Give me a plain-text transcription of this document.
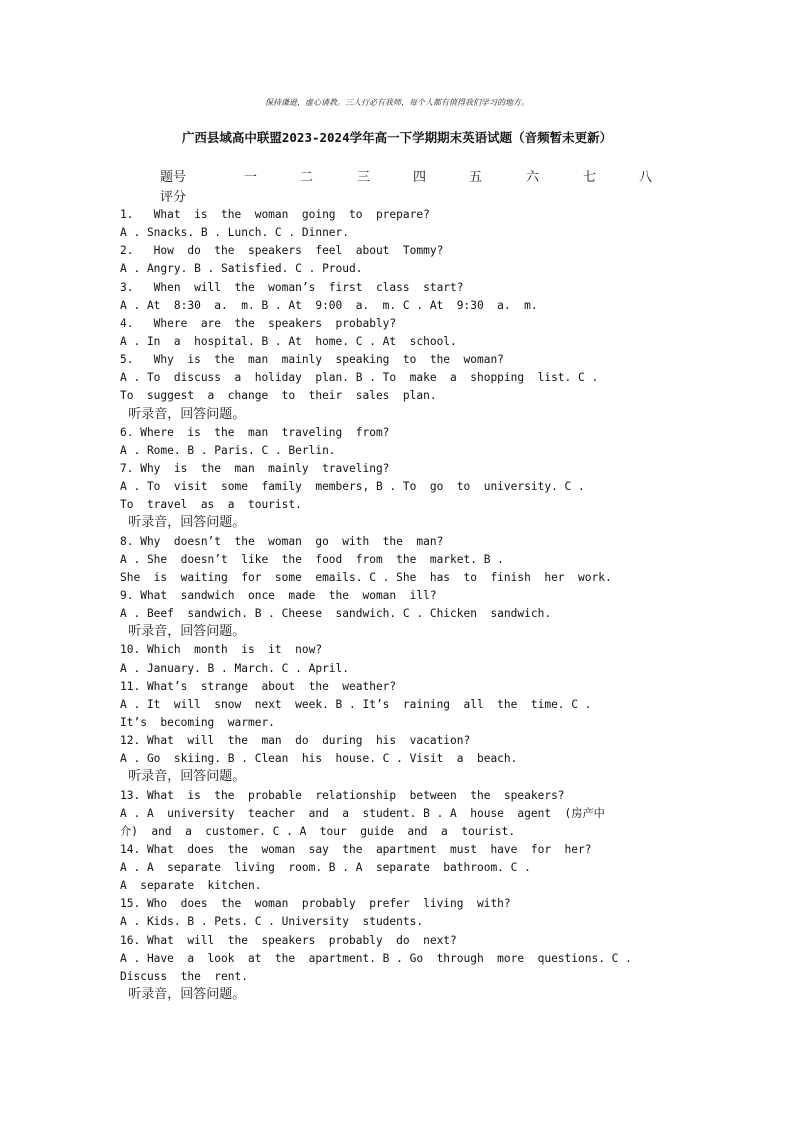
保持谦逊，虚心请教。三人行必有我师，每个人都有值得我们学习的地方。
广西县域高中联盟2023-2024学年高一下学期期末英语试题（音频暂未更新）
题号	一	二	三	四	五	六	七	八
评分
1.   What  is  the  woman  going  to  prepare?
A . Snacks. B . Lunch. C . Dinner.
2.   How  do  the  speakers  feel  about  Tommy?
A . Angry. B . Satisfied. C . Proud.
3.   When  will  the  woman’s  first  class  start?
A . At  8:30  a.  m. B . At  9:00  a.  m. C . At  9:30  a.  m.
4.   Where  are  the  speakers  probably?
A . In  a  hospital. B . At  home. C . At  school.
5.   Why  is  the  man  mainly  speaking  to  the  woman?
A . To  discuss  a  holiday  plan. B . To  make  a  shopping  list. C .
To  suggest  a  change  to  their  sales  plan.
听录音，回答问题。
6. Where  is  the  man  traveling  from?
A . Rome. B . Paris. C . Berlin.
7. Why  is  the  man  mainly  traveling?
A . To  visit  some  family  members, B . To  go  to  university. C .
To  travel  as  a  tourist.
听录音，回答问题。
8. Why  doesn’t  the  woman  go  with  the  man?
A . She  doesn’t  like  the  food  from  the  market. B .
She  is  waiting  for  some  emails. C . She  has  to  finish  her  work.
9. What  sandwich  once  made  the  woman  ill?
A . Beef  sandwich. B . Cheese  sandwich. C . Chicken  sandwich.
听录音，回答问题。
10. Which  month  is  it  now?
A . January. B . March. C . April.
11. What’s  strange  about  the  weather?
A . It  will  snow  next  week. B . It’s  raining  all  the  time. C .
It’s  becoming  warmer.
12. What  will  the  man  do  during  his  vacation?
A . Go  skiing. B . Clean  his  house. C . Visit  a  beach.
听录音，回答问题。
13. What  is  the  probable  relationship  between  the  speakers?
A . A  university  teacher  and  a  student. B . A  house  agent  (房产中
介)  and  a  customer. C . A  tour  guide  and  a  tourist.
14. What  does  the  woman  say  the  apartment  must  have  for  her?
A . A  separate  living  room. B . A  separate  bathroom. C .
A  separate  kitchen.
15. Who  does  the  woman  probably  prefer  living  with?
A . Kids. B . Pets. C . University  students.
16. What  will  the  speakers  probably  do  next?
A . Have  a  look  at  the  apartment. B . Go  through  more  questions. C .
Discuss  the  rent.
听录音，回答问题。
